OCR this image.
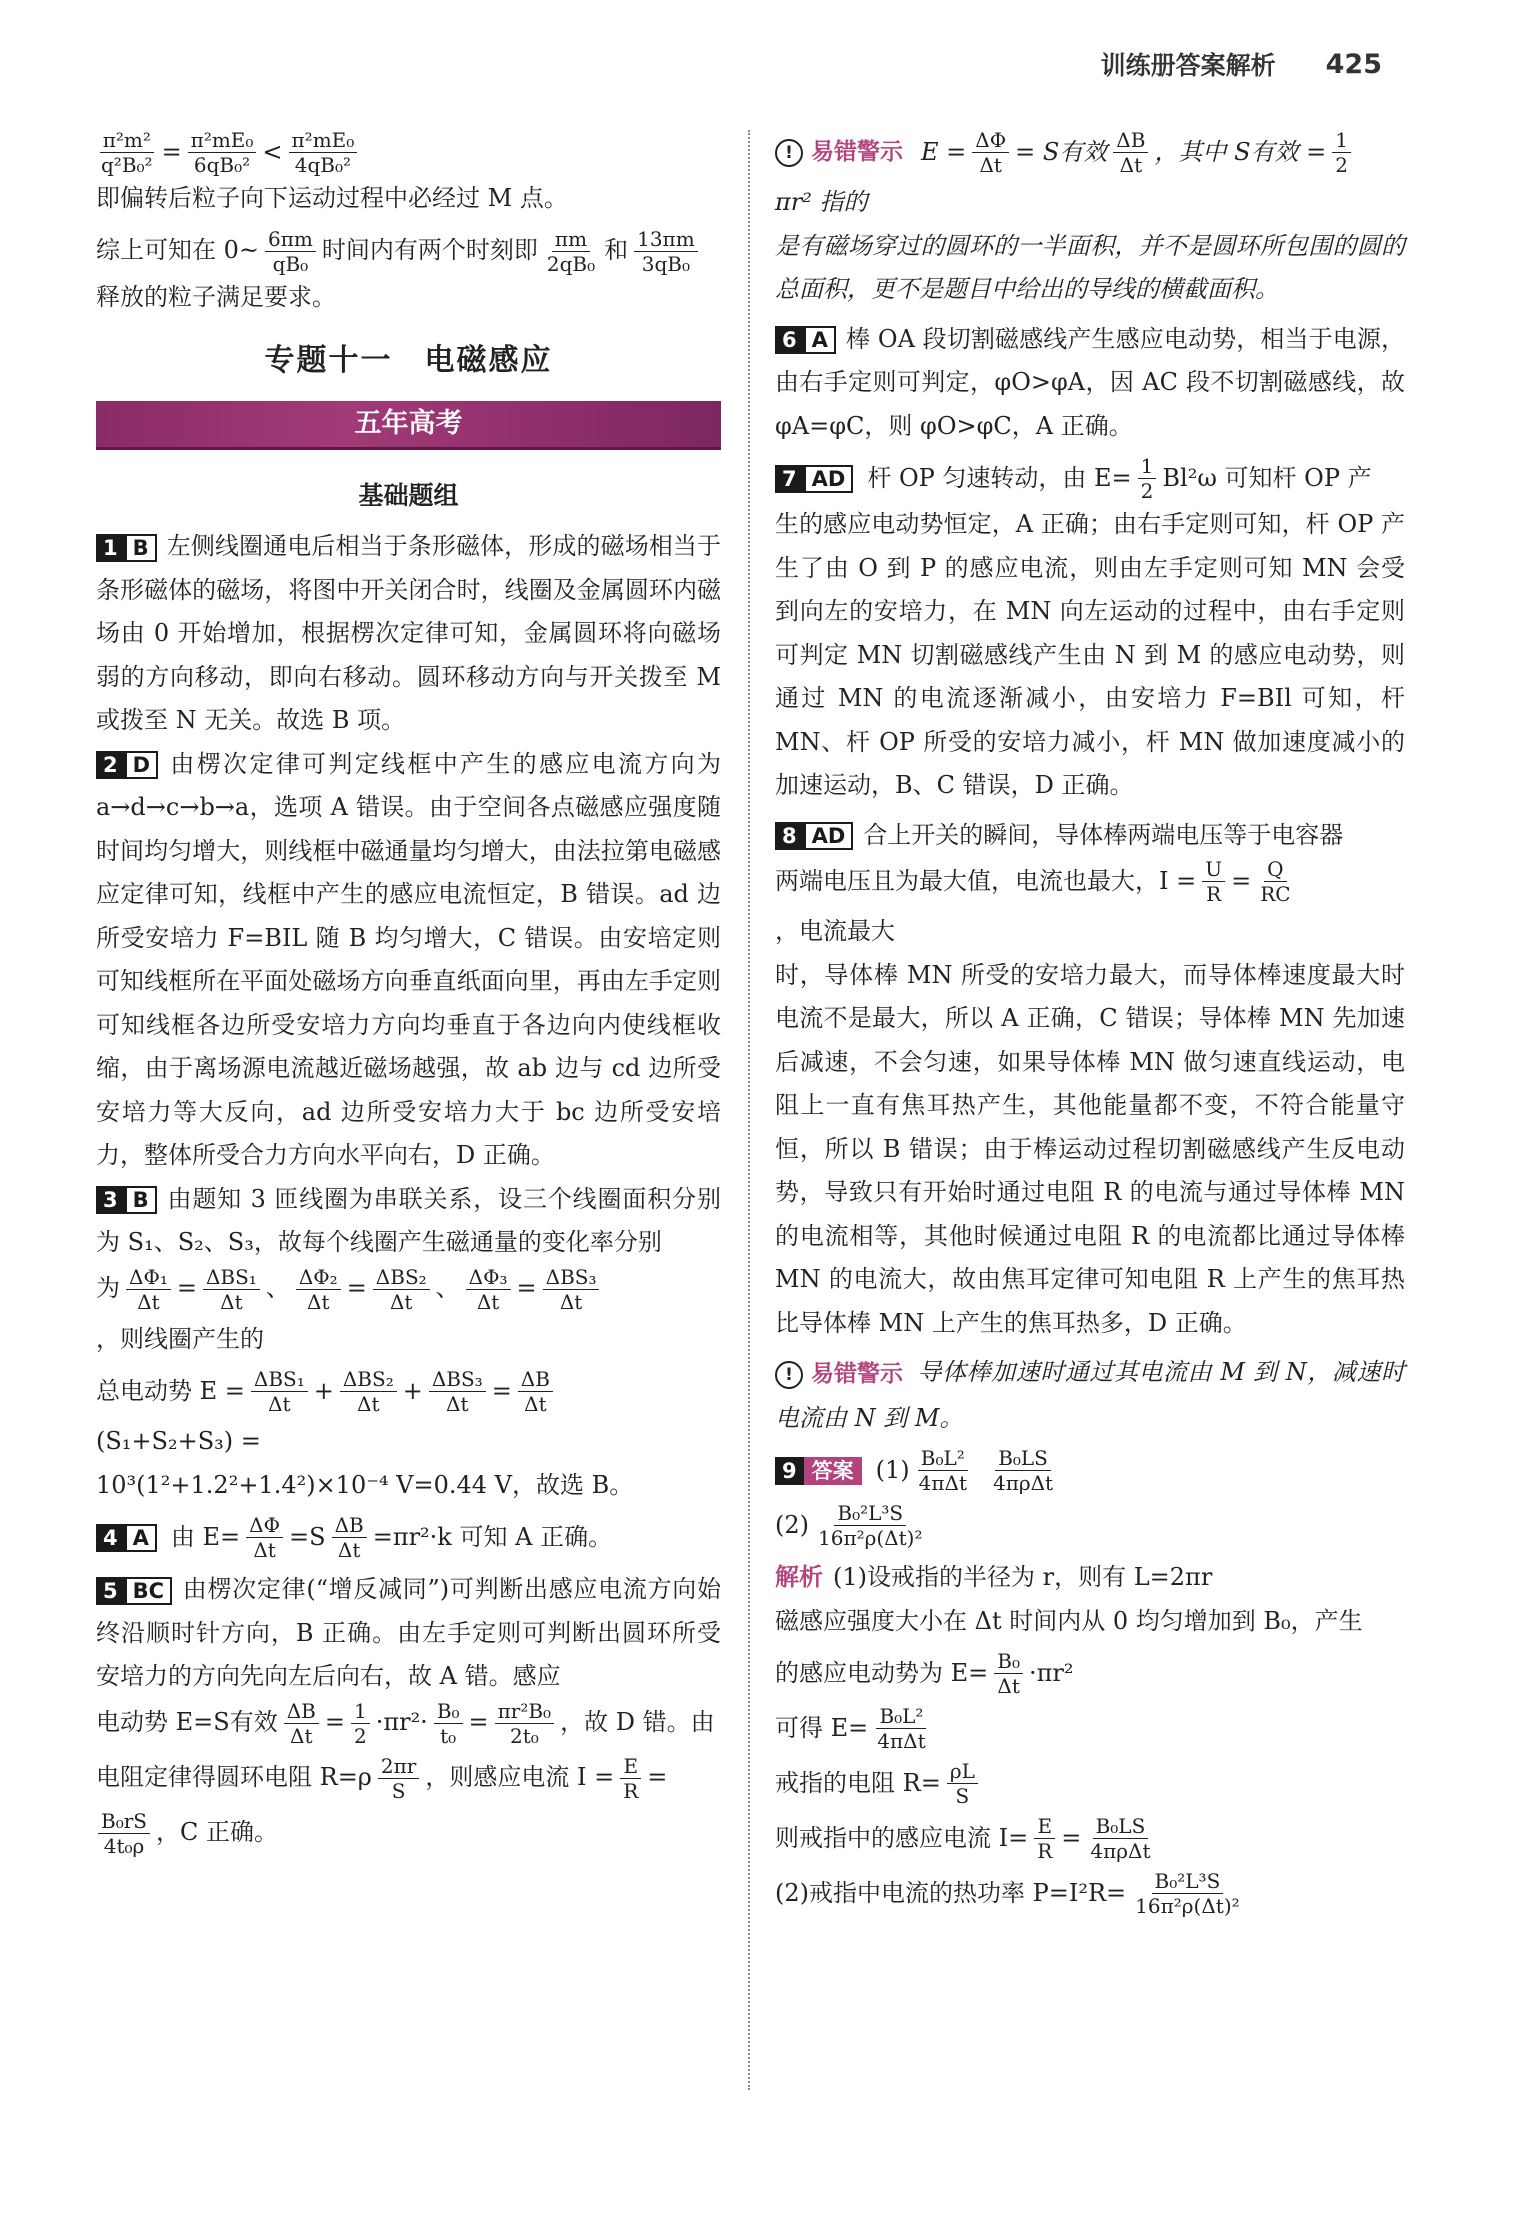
训练册答案解析 425
$\frac{\text{π²m²}}{\text{q²B₀²}} = \frac{\text{π²mE₀}}{\text{6qB₀²}} < \frac{\text{π²mE₀}}{\text{4qB₀²}}$

即偏转后粒子向下运动过程中必经过 M 点。

综上可知在 0~ $\frac{6\pi m}{\text{qB₀}}$ 时间内有两个时刻即 $\frac{\pi m}{\text{2qB₀}}$ 和 $\frac{13\pi m}{\text{3qB₀}}$

释放的粒子满足要求。

专题十一　电磁感应
五年高考
基础题组

1 B 左侧线圈通电后相当于条形磁体，形成的磁场相当于条形磁体的磁场，将图中开关闭合时，线圈及金属圆环内磁场由 0 开始增加，根据楞次定律可知，金属圆环将向磁场弱的方向移动，即向右移动。圆环移动方向与开关拨至 M 或拨至 N 无关。故选 B 项。

2 D 由楞次定律可判定线框中产生的感应电流方向为 a→d→c→b→a，选项 A 错误。由于空间各点磁感应强度随时间均匀增大，则线框中磁通量均匀增大，由法拉第电磁感应定律可知，线框中产生的感应电流恒定，B 错误。ad 边所受安培力 F=BIL 随 B 均匀增大，C 错误。由安培定则可知线框所在平面处磁场方向垂直纸面向里，再由左手定则可知线框各边所受安培力方向均垂直于各边向内使线框收缩，由于离场源电流越近磁场越强，故 ab 边与 cd 边所受安培力等大反向，ad 边所受安培力大于 bc 边所受安培力，整体所受合力方向水平向右，D 正确。

3 B 由题知 3 匝线圈为串联关系，设三个线圈面积分别为 S₁、S₂、S₃，故每个线圈产生磁通量的变化率分别

为 $\frac{\text{ΔΦ₁}}{\Delta t} = \frac{\text{ΔBS₁}}{\Delta t}$ 、 $\frac{\text{ΔΦ₂}}{\Delta t} = \frac{\text{ΔBS₂}}{\Delta t}$ 、 $\frac{\text{ΔΦ₃}}{\Delta t} = \frac{\text{ΔBS₃}}{\Delta t}$
，则线圈产生的
总电动势 $E = \frac{\text{ΔBS₁}}{\Delta t} + \frac{\text{ΔBS₂}}{\Delta t} + \frac{\text{ΔBS₃}}{\Delta t} = \frac{\Delta B}{\Delta t}$
(S₁+S₂+S₃) =

10³(1²+1.2²+1.4²)×10⁻⁴ V=0.44 V，故选 B。

4 A 由 $E= \frac{\Delta\Phi}{\Delta t} =S \frac{\Delta B}{\Delta t} =\pi r^2\cdot k$ 可知 A 正确。

5 BC 由楞次定律(“增反减同”)可判断出感应电流方向始终沿顺时针方向，B 正确。由左手定则可判断出圆环所受安培力的方向先向左后向右，故 A 错。感应

电动势 E=S有效 $\frac{\Delta B}{\Delta t} = \frac{1}{2} \cdot\pi r^2\cdot \frac{\text{B₀}}{\text{t₀}} = \frac{\text{πr²B₀}}{\text{2t₀}}$ ，故 D 错。由
电阻定律得圆环电阻 $R=\rho \frac{2\pi r}{S}$ ，则感应电流 $I = \frac{E}{R}$ =
$\frac{\text{B₀rS}}{\text{4t₀ρ}}$ ，C 正确。
! 易错警示 $E = \frac{\Delta\Phi}{\Delta t} = S$有效 $\frac{\Delta B}{\Delta t}$ ，其中 S有效 = $\frac{1}{2}$
πr² 指的

是有磁场穿过的圆环的一半面积，并不是圆环所包围的圆的总面积，更不是题目中给出的导线的横截面积。

6 A 棒 OA 段切割磁感线产生感应电动势，相当于电源，由右手定则可判定，φO>φA，因 AC 段不切割磁感线，故 φA=φC，则 φO>φC，A 正确。

7 AD 杆 OP 匀速转动，由 $E= \frac{1}{2} Bl^2\omega$ 可知杆 OP 产

生的感应电动势恒定，A 正确；由右手定则可知，杆 OP 产生了由 O 到 P 的感应电流，则由左手定则可知 MN 会受到向左的安培力，在 MN 向左运动的过程中，由右手定则可判定 MN 切割磁感线产生由 N 到 M 的感应电动势，则通过 MN 的电流逐渐减小，由安培力 F=BIl 可知，杆 MN、杆 OP 所受的安培力减小，杆 MN 做加速度减小的加速运动，B、C 错误，D 正确。

8 AD 合上开关的瞬间，导体棒两端电压等于电容器

两端电压且为最大值，电流也最大，$I = \frac{U}{R} = \frac{Q}{RC}$
，电流最大

时，导体棒 MN 所受的安培力最大，而导体棒速度最大时电流不是最大，所以 A 正确，C 错误；导体棒 MN 先加速后减速，不会匀速，如果导体棒 MN 做匀速直线运动，电阻上一直有焦耳热产生，其他能量都不变，不符合能量守恒，所以 B 错误；由于棒运动过程切割磁感线产生反电动势，导致只有开始时通过电阻 R 的电流与通过导体棒 MN 的电流相等，其他时候通过电阻 R 的电流都比通过导体棒 MN 的电流大，故由焦耳定律可知电阻 R 上产生的焦耳热比导体棒 MN 上产生的焦耳热多，D 正确。

! 易错警示 导体棒加速时通过其电流由 M 到 N，减速时电流由 N 到 M。

9 答案 $(1) \frac{\text{B₀L²}}{\text{4πΔt}} \frac{\text{B₀LS}}{\text{4πρΔt}}$
$(2) \frac{\text{B₀²L³S}}{\text{16π²ρ(Δt)²}}$

解析 (1)设戒指的半径为 r，则有 L=2πr

磁感应强度大小在 Δt 时间内从 0 均匀增加到 B₀，产生

的感应电动势为 $E= \frac{\text{B₀}}{\Delta t} \cdot\pi r^2$
可得 $E= \frac{\text{B₀L²}}{\text{4πΔt}}$
戒指的电阻 $R= \frac{\rho L}{S}$
则戒指中的感应电流 $I= \frac{E}{R} = \frac{\text{B₀LS}}{\text{4πρΔt}}$
(2)戒指中电流的热功率 $P=I^2R= \frac{\text{B₀²L³S}}{\text{16π²ρ(Δt)²}}$
